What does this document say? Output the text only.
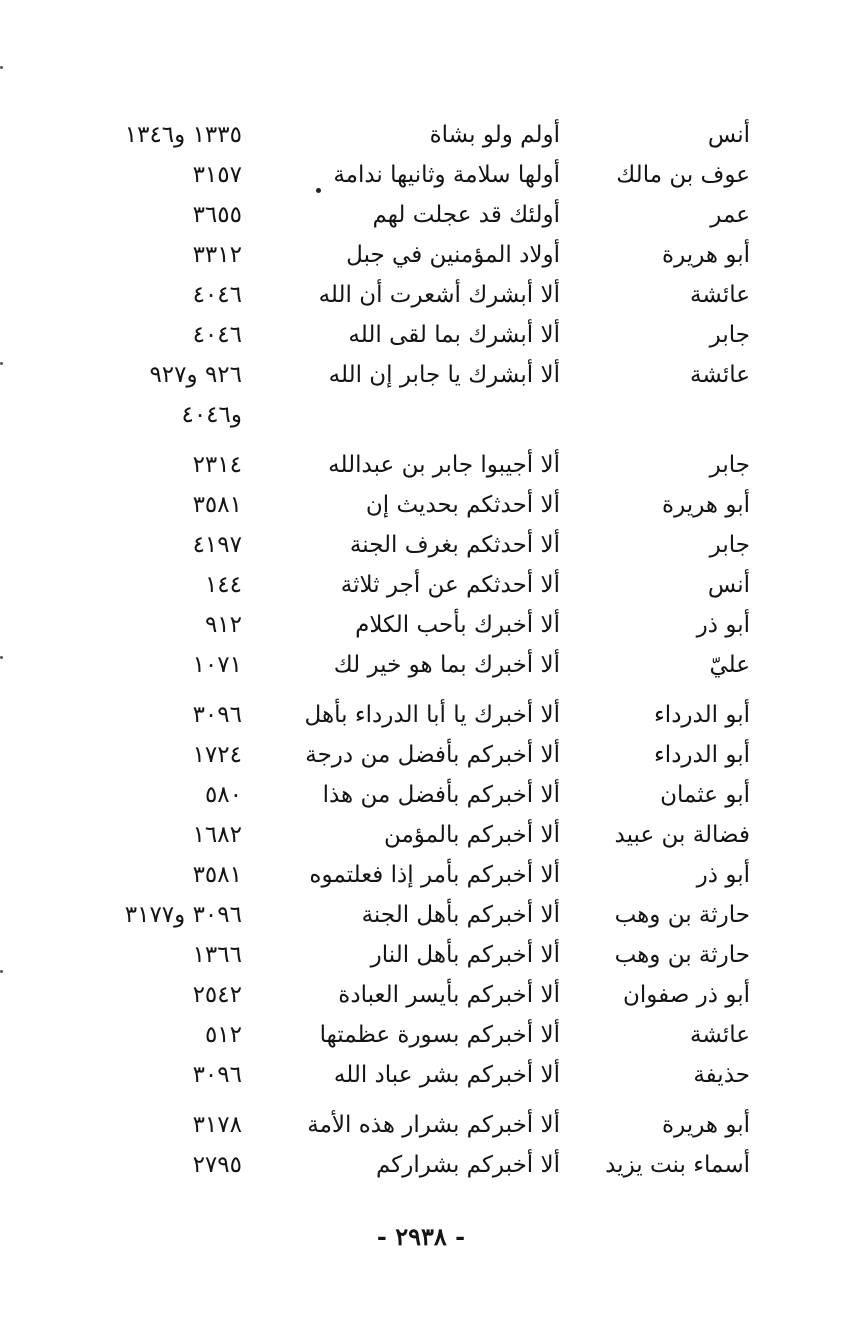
أنس
أولم ولو بشاة
١٣٣٥ و١٣٤٦
عوف بن مالك
أولها سلامة وثانيها ندامة
٣١٥٧
عمر
أولئك قد عجلت لهم
٣٦٥٥
أبو هريرة
أولاد المؤمنين في جبل
٣٣١٢
عائشة
ألا أبشرك أشعرت أن الله
٤٠٤٦
جابر
ألا أبشرك بما لقى الله
٤٠٤٦
عائشة
ألا أبشرك يا جابر إن الله
٩٢٦ و٩٢٧
و٤٠٤٦
جابر
ألا أجيبوا جابر بن عبدالله
٢٣١٤
أبو هريرة
ألا أحدثكم بحديث إن
٣٥٨١
جابر
ألا أحدثكم بغرف الجنة
٤١٩٧
أنس
ألا أحدثكم عن أجر ثلاثة
١٤٤
أبو ذر
ألا أخبرك بأحب الكلام
٩١٢
عليّ
ألا أخبرك بما هو خير لك
١٠٧١
أبو الدرداء
ألا أخبرك يا أبا الدرداء بأهل
٣٠٩٦
أبو الدرداء
ألا أخبركم بأفضل من درجة
١٧٢٤
أبو عثمان
ألا أخبركم بأفضل من هذا
٥٨٠
فضالة بن عبيد
ألا أخبركم بالمؤمن
١٦٨٢
أبو ذر
ألا أخبركم بأمر إذا فعلتموه
٣٥٨١
حارثة بن وهب
ألا أخبركم بأهل الجنة
٣٠٩٦ و٣١٧٧
حارثة بن وهب
ألا أخبركم بأهل النار
١٣٦٦
أبو ذر صفوان
ألا أخبركم بأيسر العبادة
٢٥٤٢
عائشة
ألا أخبركم بسورة عظمتها
٥١٢
حذيفة
ألا أخبركم بشر عباد الله
٣٠٩٦
أبو هريرة
ألا أخبركم بشرار هذه الأمة
٣١٧٨
أسماء بنت يزيد
ألا أخبركم بشراركم
٢٧٩٥
- ٢٩٣٨ -
